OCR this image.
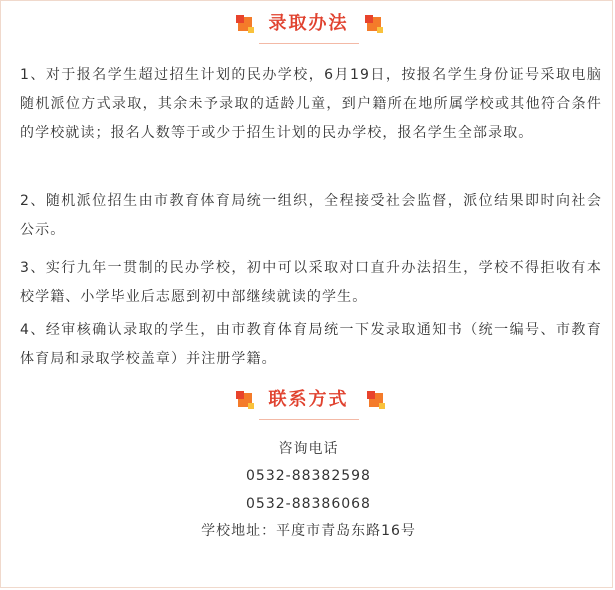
录取办法
1、对于报名学生超过招生计划的民办学校，6月19日，按报名学生身份证号采取电脑随机派位方式录取，其余未予录取的适龄儿童，到户籍所在地所属学校或其他符合条件的学校就读；报名人数等于或少于招生计划的民办学校，报名学生全部录取。
2、随机派位招生由市教育体育局统一组织，全程接受社会监督，派位结果即时向社会公示。
3、实行九年一贯制的民办学校，初中可以采取对口直升办法招生，学校不得拒收有本校学籍、小学毕业后志愿到初中部继续就读的学生。
4、经审核确认录取的学生，由市教育体育局统一下发录取通知书（统一编号、市教育体育局和录取学校盖章）并注册学籍。
联系方式
咨询电话
0532-88382598
0532-88386068
学校地址：平度市青岛东路16号
